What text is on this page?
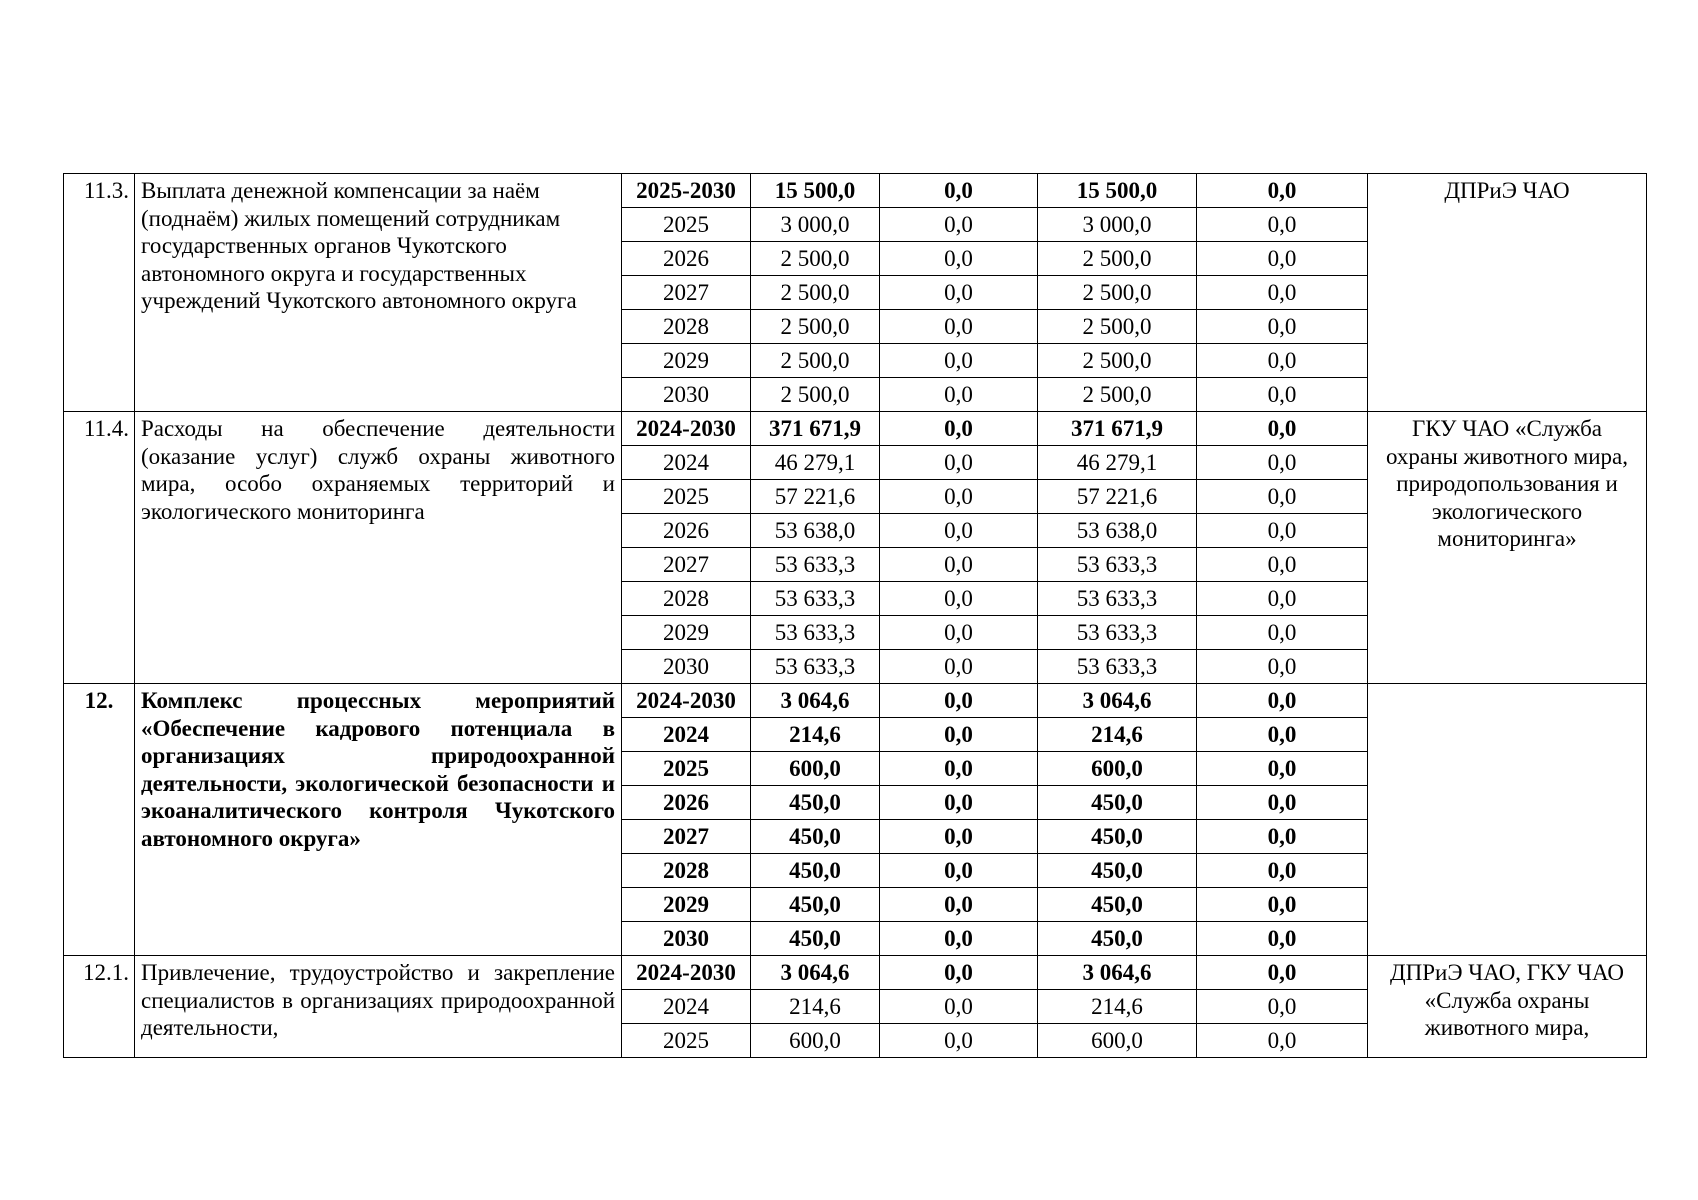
11.3.	Выплата денежной компенсации за наём (поднаём) жилых помещений сотрудникам государственных органов Чукотского автономного округа и государственных учреждений Чукотского автономного округа	2025-2030	15 500,0	0,0	15 500,0	0,0	ДПРиЭ ЧАО
		2025	3 000,0	0,0	3 000,0	0,0	
		2026	2 500,0	0,0	2 500,0	0,0	
		2027	2 500,0	0,0	2 500,0	0,0	
		2028	2 500,0	0,0	2 500,0	0,0	
		2029	2 500,0	0,0	2 500,0	0,0	
		2030	2 500,0	0,0	2 500,0	0,0	
11.4.	Расходы на обеспечение деятельности (оказание услуг) служб охраны животного мира, особо охраняемых территорий и экологического мониторинга	2024-2030	371 671,9	0,0	371 671,9	0,0	ГКУ ЧАО «Служба охраны животного мира, природопользования и экологического мониторинга»
		2024	46 279,1	0,0	46 279,1	0,0	
		2025	57 221,6	0,0	57 221,6	0,0	
		2026	53 638,0	0,0	53 638,0	0,0	
		2027	53 633,3	0,0	53 633,3	0,0	
		2028	53 633,3	0,0	53 633,3	0,0	
		2029	53 633,3	0,0	53 633,3	0,0	
		2030	53 633,3	0,0	53 633,3	0,0	
12.	Комплекс процессных мероприятий «Обеспечение кадрового потенциала в организациях природоохранной деятельности, экологической безопасности и экоаналитического контроля Чукотского автономного округа»	2024-2030	3 064,6	0,0	3 064,6	0,0	
		2024	214,6	0,0	214,6	0,0	
		2025	600,0	0,0	600,0	0,0	
		2026	450,0	0,0	450,0	0,0	
		2027	450,0	0,0	450,0	0,0	
		2028	450,0	0,0	450,0	0,0	
		2029	450,0	0,0	450,0	0,0	
		2030	450,0	0,0	450,0	0,0	
12.1.	Привлечение, трудоустройство и закрепление специалистов в организациях природоохранной деятельности,	2024-2030	3 064,6	0,0	3 064,6	0,0	ДПРиЭ ЧАО, ГКУ ЧАО «Служба охраны животного мира,
		2024	214,6	0,0	214,6	0,0	
		2025	600,0	0,0	600,0	0,0	
